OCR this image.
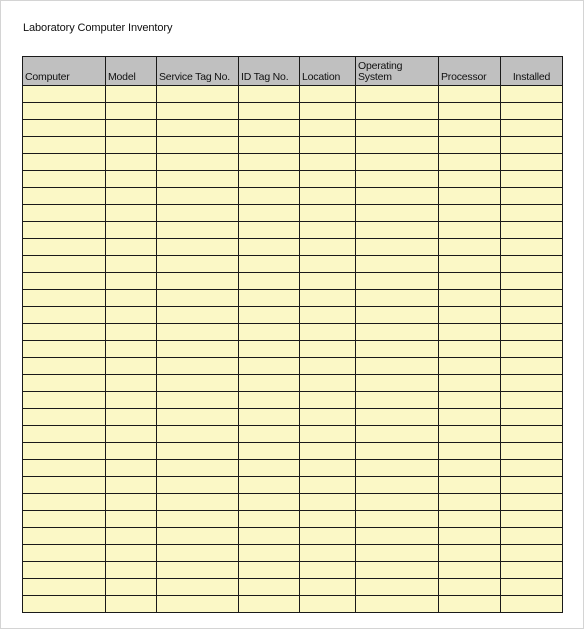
Laboratory Computer Inventory
Computer	Model	Service Tag No.	ID Tag No.	Location	Operating System	Processor	Installed
